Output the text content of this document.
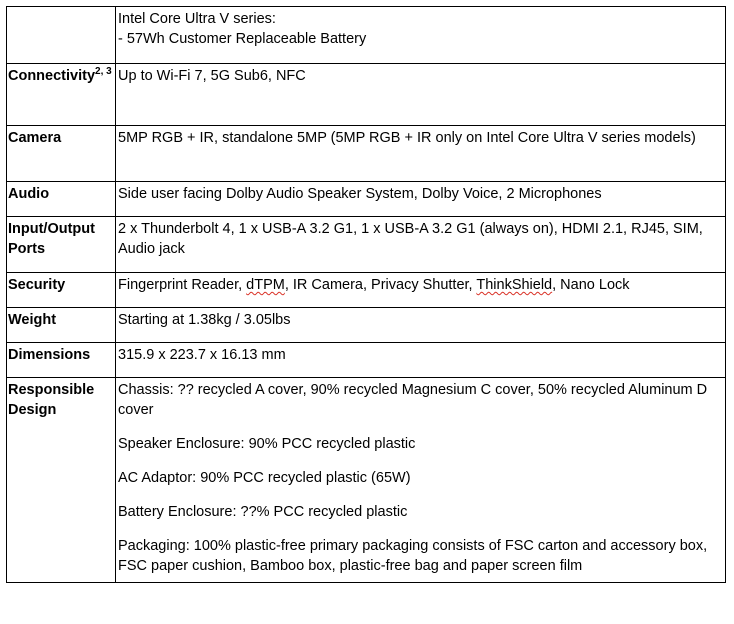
	Intel Core Ultra V series:
- 57Wh Customer Replaceable Battery

Connectivity$^{2, 3}$	Up to Wi-Fi 7, 5G Sub6, NFC
Camera	5MP RGB + IR, standalone 5MP (5MP RGB + IR only on Intel Core Ultra V series models)
Audio	Side user facing Dolby Audio Speaker System, Dolby Voice, 2 Microphones
Input/Output Ports	2 x Thunderbolt 4, 1 x USB-A 3.2 G1, 1 x USB-A 3.2 G1 (always on), HDMI 2.1, RJ45, SIM, Audio jack
Security	Fingerprint Reader, dTPM, IR Camera, Privacy Shutter, ThinkShield, Nano Lock
Weight	Starting at 1.38kg / 3.05lbs
Dimensions	315.9 x 223.7 x 16.13 mm
Responsible Design	Chassis: ?? recycled A cover, 90% recycled Magnesium C cover, 50% recycled Aluminum D cover
Speaker Enclosure: 90% PCC recycled plastic
AC Adaptor: 90% PCC recycled plastic (65W)
Battery Enclosure: ??% PCC recycled plastic
Packaging: 100% plastic-free primary packaging consists of FSC carton and accessory box, FSC paper cushion, Bamboo box, plastic-free bag and paper screen film
